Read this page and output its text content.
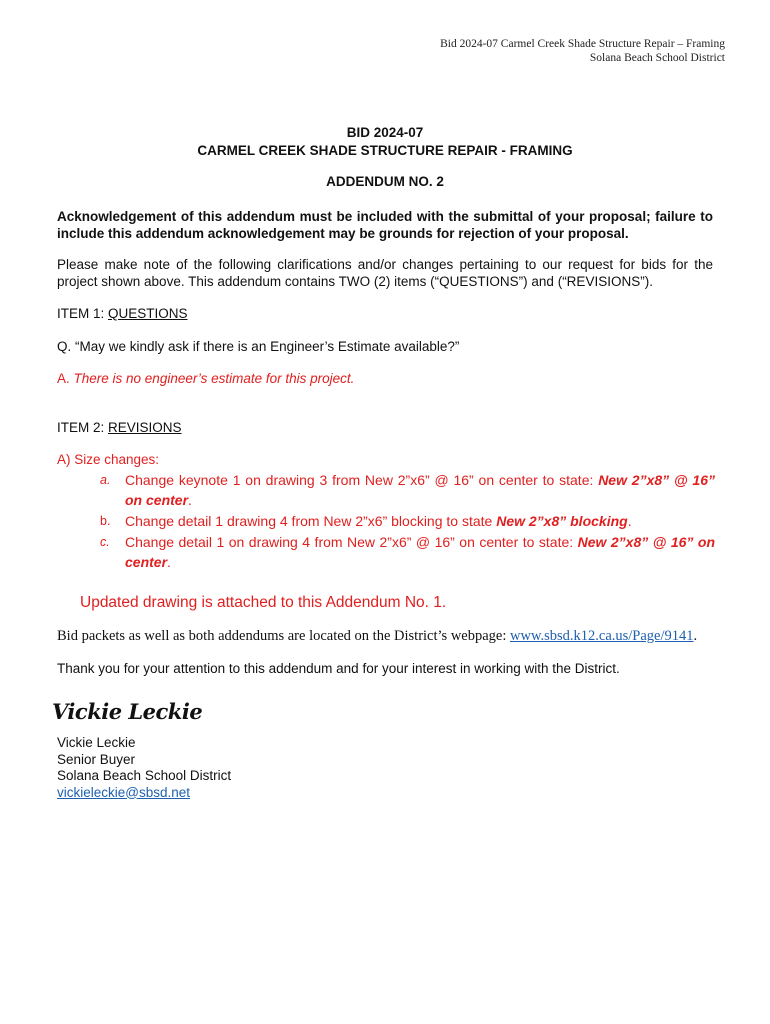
Bid 2024-07 Carmel Creek Shade Structure Repair – Framing
Solana Beach School District
BID 2024-07
CARMEL CREEK SHADE STRUCTURE REPAIR - FRAMING
ADDENDUM NO. 2
Acknowledgement of this addendum must be included with the submittal of your proposal; failure to include this addendum acknowledgement may be grounds for rejection of your proposal.
Please make note of the following clarifications and/or changes pertaining to our request for bids for the project shown above. This addendum contains TWO (2) items (“QUESTIONS”) and (“REVISIONS”).
ITEM 1: QUESTIONS
Q. “May we kindly ask if there is an Engineer’s Estimate available?”
A. There is no engineer’s estimate for this project.
ITEM 2: REVISIONS
A) Size changes:
a. Change keynote 1 on drawing 3 from New 2”x6” @ 16” on center to state: New 2”x8” @ 16” on center.
b. Change detail 1 drawing 4 from New 2”x6” blocking to state New 2”x8” blocking.
c. Change detail 1 on drawing 4 from New 2”x6” @ 16” on center to state: New 2”x8” @ 16” on center.
Updated drawing is attached to this Addendum No. 1.
Bid packets as well as both addendums are located on the District’s webpage: www.sbsd.k12.ca.us/Page/9141.
Thank you for your attention to this addendum and for your interest in working with the District.
Vickie Leckie
Vickie Leckie
Senior Buyer
Solana Beach School District
vickieleckie@sbsd.net
